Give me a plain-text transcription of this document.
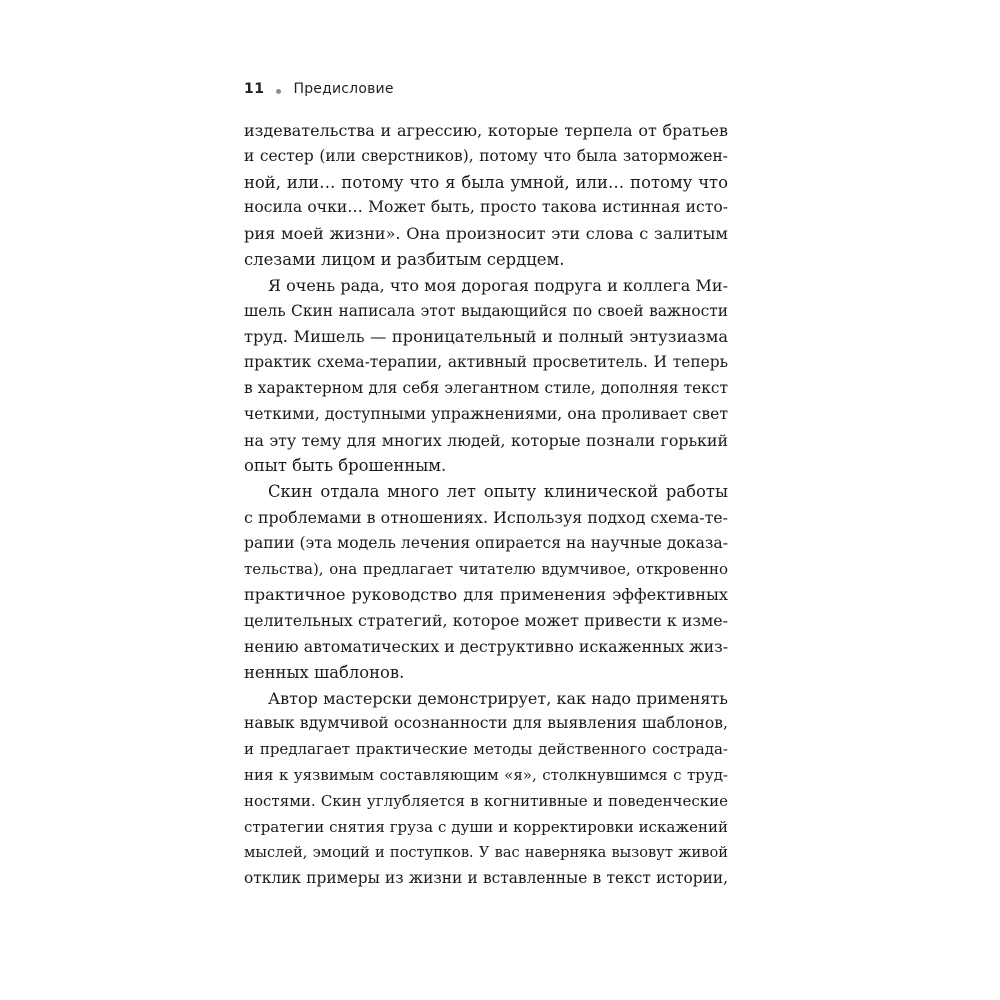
11 Предисловие
издевательства и агрессию, которые терпела от братьев
и сестер (или сверстников), потому что была заторможен-
ной, или… потому что я была умной, или… потому что
носила очки… Может быть, просто такова истинная исто-
рия моей жизни». Она произносит эти слова с залитым
слезами лицом и разбитым сердцем.
Я очень рада, что моя дорогая подруга и коллега Ми-
шель Скин написала этот выдающийся по своей важности
труд. Мишель — проницательный и полный энтузиазма
практик схема-терапии, активный просветитель. И теперь
в характерном для себя элегантном стиле, дополняя текст
четкими, доступными упражнениями, она проливает свет
на эту тему для многих людей, которые познали горький
опыт быть брошенным.
Скин отдала много лет опыту клинической работы
с проблемами в отношениях. Используя подход схема-те-
рапии (эта модель лечения опирается на научные доказа-
тельства), она предлагает читателю вдумчивое, откровенно
практичное руководство для применения эффективных
целительных стратегий, которое может привести к изме-
нению автоматических и деструктивно искаженных жиз-
ненных шаблонов.
Автор мастерски демонстрирует, как надо применять
навык вдумчивой осознанности для выявления шаблонов,
и предлагает практические методы действенного сострада-
ния к уязвимым составляющим «я», столкнувшимся с труд-
ностями. Скин углубляется в когнитивные и поведенческие
стратегии снятия груза с души и корректировки искажений
мыслей, эмоций и поступков. У вас наверняка вызовут живой
отклик примеры из жизни и вставленные в текст истории,
